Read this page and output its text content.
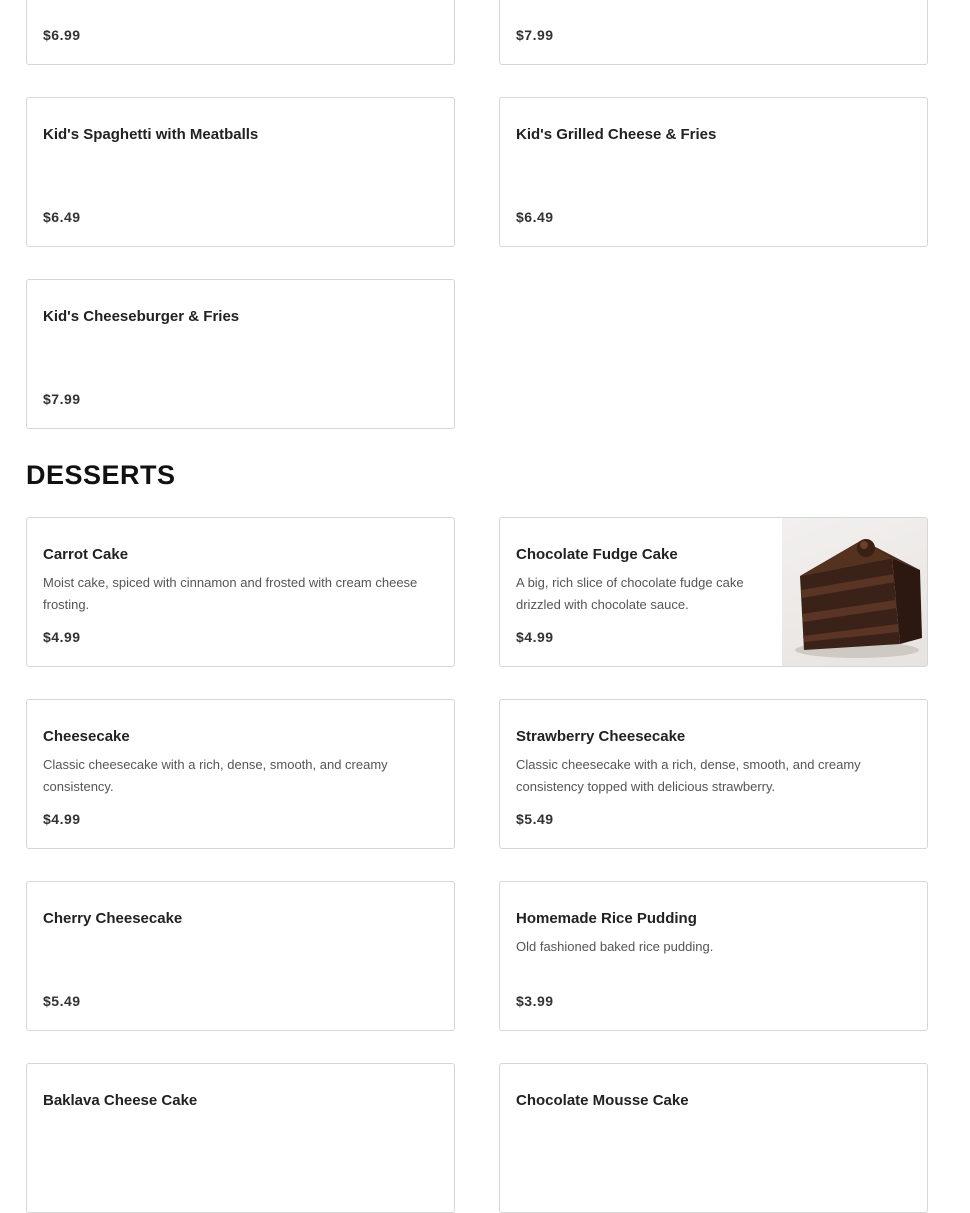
$6.99	$7.99
Kid's Spaghetti with Meatballs
$6.49
Kid's Grilled Cheese & Fries
$6.49
Kid's Cheeseburger & Fries
$7.99
DESSERTS
Carrot Cake
Moist cake, spiced with cinnamon and frosted with cream cheese frosting.
$4.99
Chocolate Fudge Cake
A big, rich slice of chocolate fudge cake drizzled with chocolate sauce.
$4.99
Cheesecake
Classic cheesecake with a rich, dense, smooth, and creamy consistency.
$4.99
Strawberry Cheesecake
Classic cheesecake with a rich, dense, smooth, and creamy consistency topped with delicious strawberry.
$5.49
Cherry Cheesecake
$5.49
Homemade Rice Pudding
Old fashioned baked rice pudding.
$3.99
Baklava Cheese Cake	Chocolate Mousse Cake
